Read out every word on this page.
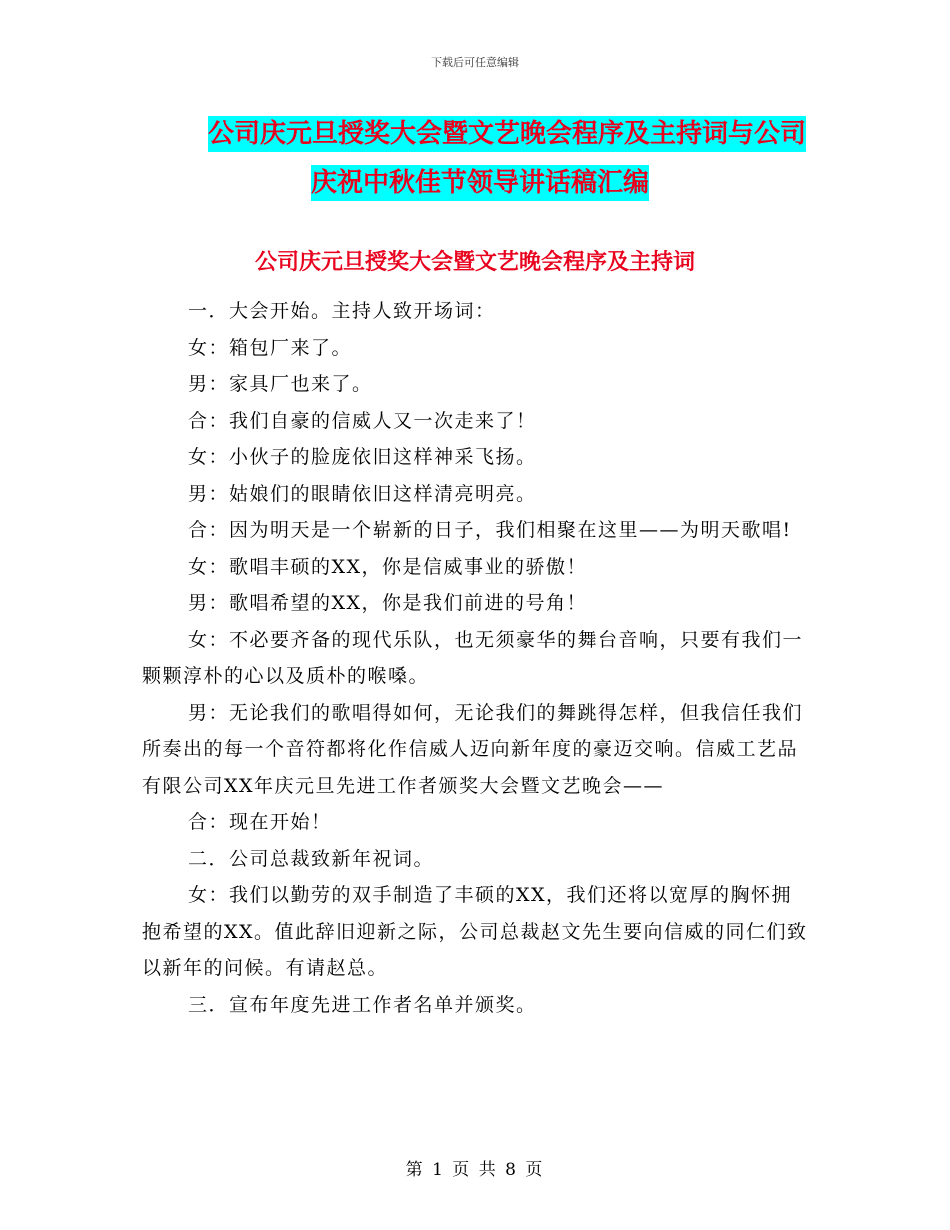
下载后可任意编辑
公司庆元旦授奖大会暨文艺晚会程序及主持词与公司
庆祝中秋佳节领导讲话稿汇编
公司庆元旦授奖大会暨文艺晚会程序及主持词

一．大会开始。主持人致开场词：

女：箱包厂来了。

男：家具厂也来了。

合：我们自豪的信威人又一次走来了！

女：小伙子的脸庞依旧这样神采飞扬。

男：姑娘们的眼睛依旧这样清亮明亮。

合：因为明天是一个崭新的日子，我们相聚在这里——为明天歌唱!

女：歌唱丰硕的XX，你是信威事业的骄傲！

男：歌唱希望的XX，你是我们前进的号角！

女：不必要齐备的现代乐队，也无须豪华的舞台音响，只要有我们一颗颗淳朴的心以及质朴的喉嗓。

男：无论我们的歌唱得如何，无论我们的舞跳得怎样，但我信任我们所奏出的每一个音符都将化作信威人迈向新年度的豪迈交响。信威工艺品有限公司XX年庆元旦先进工作者颁奖大会暨文艺晚会——

合：现在开始！

二．公司总裁致新年祝词。

女：我们以勤劳的双手制造了丰硕的XX，我们还将以宽厚的胸怀拥抱希望的XX。值此辞旧迎新之际，公司总裁赵文先生要向信威的同仁们致以新年的问候。有请赵总。

三．宣布年度先进工作者名单并颁奖。

第 1 页 共 8 页
